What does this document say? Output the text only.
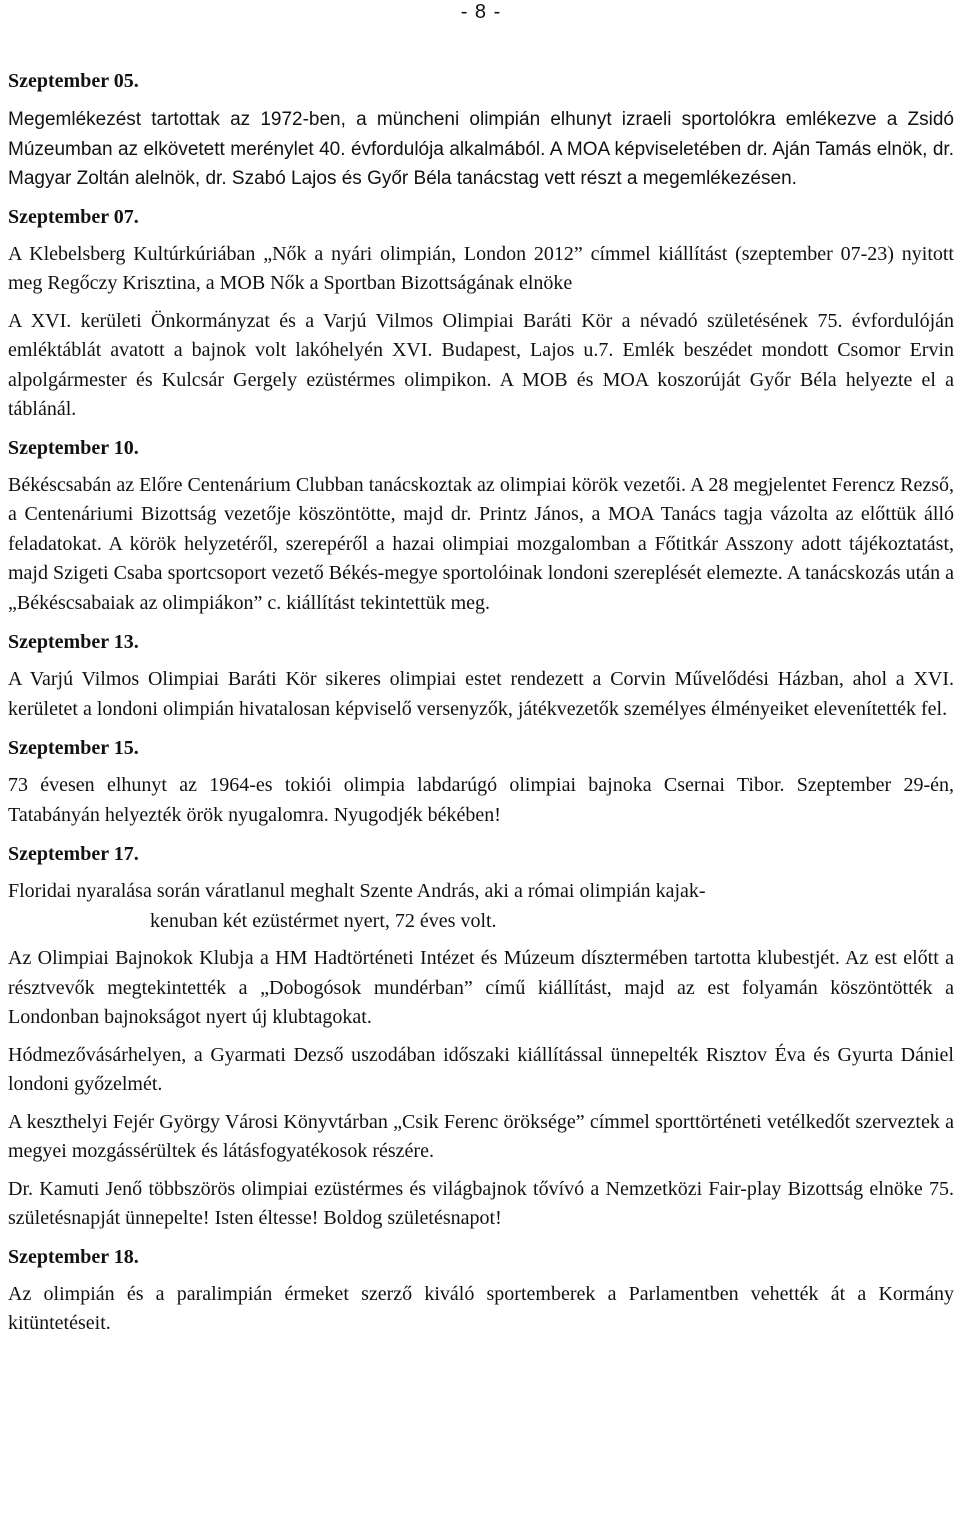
- 8 -

Szeptember 05.

Megemlékezést tartottak az 1972-ben, a müncheni olimpián elhunyt izraeli sportolókra emlékezve a Zsidó Múzeumban az elkövetett merénylet 40. évfordulója alkalmából. A MOA képviseletében dr. Aján Tamás elnök, dr. Magyar Zoltán alelnök, dr. Szabó Lajos és Győr Béla tanácstag vett részt a megemlékezésen.

Szeptember 07.

A Klebelsberg Kultúrkúriában „Nők a nyári olimpián, London 2012” címmel kiállítást (szeptember 07-23) nyitott meg Regőczy Krisztina, a MOB Nők a Sportban Bizottságának elnöke

A XVI. kerületi Önkormányzat és a Varjú Vilmos Olimpiai Baráti Kör a névadó születésének 75. évfordulóján emléktáblát avatott a bajnok volt lakóhelyén XVI. Budapest, Lajos u.7. Emlék beszédet mondott Csomor Ervin alpolgármester és Kulcsár Gergely ezüstérmes olimpikon. A MOB és MOA koszorúját Győr Béla helyezte el a táblánál.

Szeptember 10.

Békéscsabán az Előre Centenárium Clubban tanácskoztak az olimpiai körök vezetői. A 28 megjelentet Ferencz Rezső, a Centenáriumi Bizottság vezetője köszöntötte, majd dr. Printz János, a MOA Tanács tagja vázolta az előttük álló feladatokat. A körök helyzetéről, szerepéről a hazai olimpiai mozgalomban a Főtitkár Asszony adott tájékoztatást, majd Szigeti Csaba sportcsoport vezető Békés-megye sportolóinak londoni szereplését elemezte. A tanácskozás után a „Békéscsabaiak az olimpiákon” c. kiállítást tekintettük meg.

Szeptember 13.

A Varjú Vilmos Olimpiai Baráti Kör sikeres olimpiai estet rendezett a Corvin Művelődési Házban, ahol a XVI. kerületet a londoni olimpián hivatalosan képviselő versenyzők, játékvezetők személyes élményeiket elevenítették fel.

Szeptember 15.

73 évesen elhunyt az 1964-es tokiói olimpia labdarúgó olimpiai bajnoka Csernai Tibor. Szeptember 29-én, Tatabányán helyezték örök nyugalomra. Nyugodjék békében!

Szeptember 17.

Floridai nyaralása során váratlanul meghalt Szente András, aki a római olimpián kajak-

kenuban két ezüstérmet nyert, 72 éves volt.

Az Olimpiai Bajnokok Klubja a HM Hadtörténeti Intézet és Múzeum dísztermében tartotta klubestjét. Az est előtt a résztvevők megtekintették a „Dobogósok mundérban” című kiállítást, majd az est folyamán köszöntötték a Londonban bajnokságot nyert új klubtagokat.

Hódmezővásárhelyen, a Gyarmati Dezső uszodában időszaki kiállítással ünnepelték Risztov Éva és Gyurta Dániel londoni győzelmét.

A keszthelyi Fejér György Városi Könyvtárban „Csik Ferenc öröksége” címmel sporttörténeti vetélkedőt szerveztek a megyei mozgássérültek és látásfogyatékosok részére.

Dr. Kamuti Jenő többszörös olimpiai ezüstérmes és világbajnok tővívó a Nemzetközi Fair-play Bizottság elnöke 75. születésnapját ünnepelte! Isten éltesse! Boldog születésnapot!

Szeptember 18.

Az olimpián és a paralimpián érmeket szerző kiváló sportemberek a Parlamentben vehették át a Kormány kitüntetéseit.
